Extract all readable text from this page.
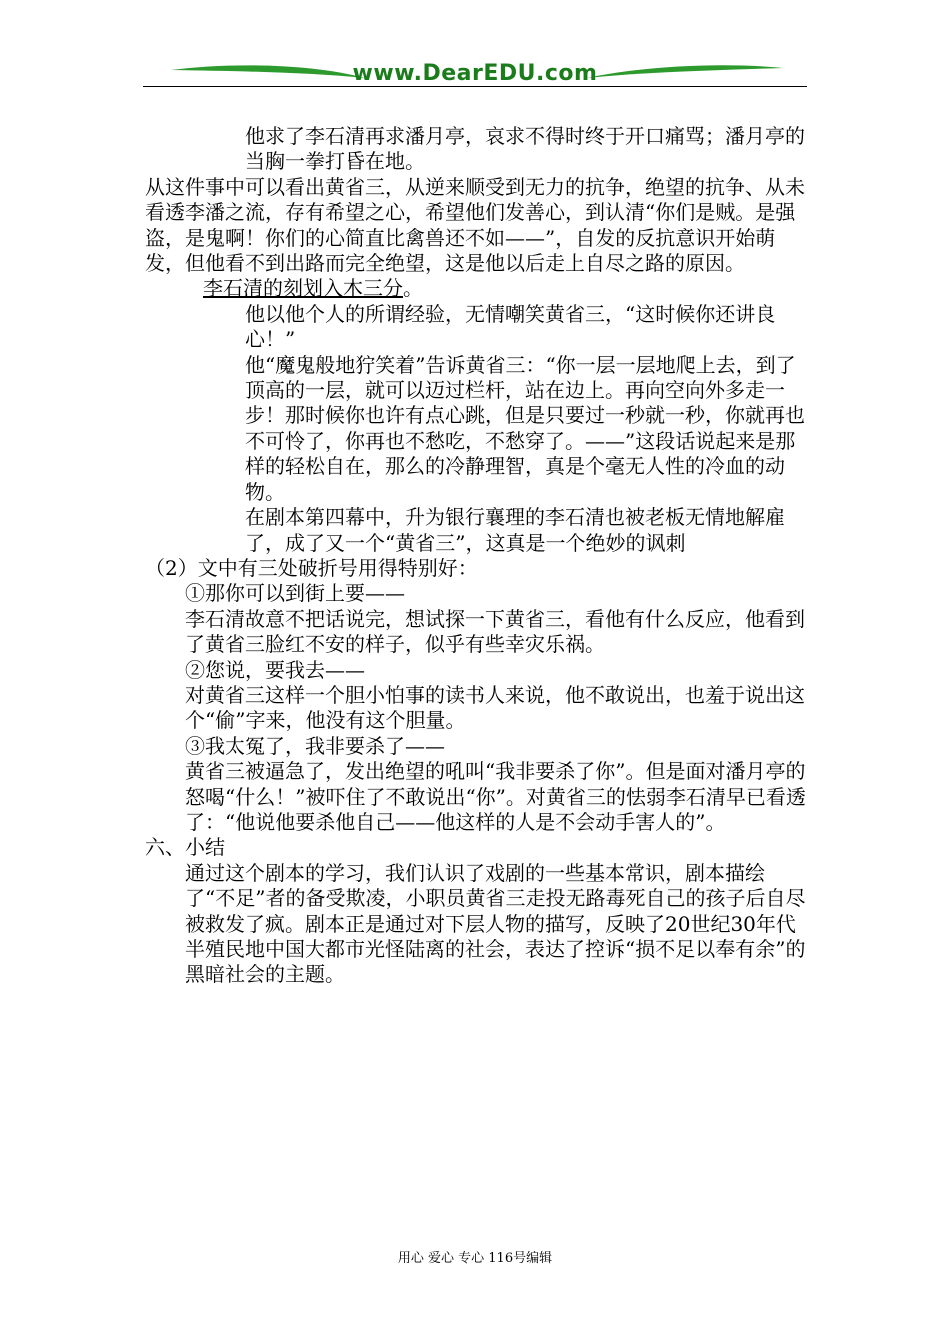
www.DearEDU.com

他求了李石清再求潘月亭，哀求不得时终于开口痛骂；潘月亭的当胸一拳打昏在地。

从这件事中可以看出黄省三，从逆来顺受到无力的抗争，绝望的抗争、从未看透李潘之流，存有希望之心，希望他们发善心，到认清“你们是贼。是强盗，是鬼啊！你们的心简直比禽兽还不如——”，自发的反抗意识开始萌发，但他看不到出路而完全绝望，这是他以后走上自尽之路的原因。

李石清的刻划入木三分。

他以他个人的所谓经验，无情嘲笑黄省三，“这时候你还讲良心！”

他“魔鬼般地狞笑着”告诉黄省三：“你一层一层地爬上去，到了顶高的一层，就可以迈过栏杆，站在边上。再向空向外多走一步！那时候你也许有点心跳，但是只要过一秒就一秒，你就再也不可怜了，你再也不愁吃，不愁穿了。——”这段话说起来是那样的轻松自在，那么的冷静理智，真是个毫无人性的冷血的动物。

在剧本第四幕中，升为银行襄理的李石清也被老板无情地解雇了，成了又一个“黄省三”，这真是一个绝妙的讽刺

（2）文中有三处破折号用得特别好：

①那你可以到街上要——

李石清故意不把话说完，想试探一下黄省三，看他有什么反应，他看到了黄省三脸红不安的样子，似乎有些幸灾乐祸。

②您说，要我去——

对黄省三这样一个胆小怕事的读书人来说，他不敢说出，也羞于说出这个“偷”字来，他没有这个胆量。

③我太冤了，我非要杀了——

黄省三被逼急了，发出绝望的吼叫“我非要杀了你”。但是面对潘月亭的怒喝“什么！”被吓住了不敢说出“你”。对黄省三的怯弱李石清早已看透了：“他说他要杀他自己——他这样的人是不会动手害人的”。

六、小结

通过这个剧本的学习，我们认识了戏剧的一些基本常识，剧本描绘了“不足”者的备受欺凌，小职员黄省三走投无路毒死自己的孩子后自尽被救发了疯。剧本正是通过对下层人物的描写，反映了20世纪30年代半殖民地中国大都市光怪陆离的社会，表达了控诉“损不足以奉有余”的黑暗社会的主题。

用心 爱心 专心 116号编辑
